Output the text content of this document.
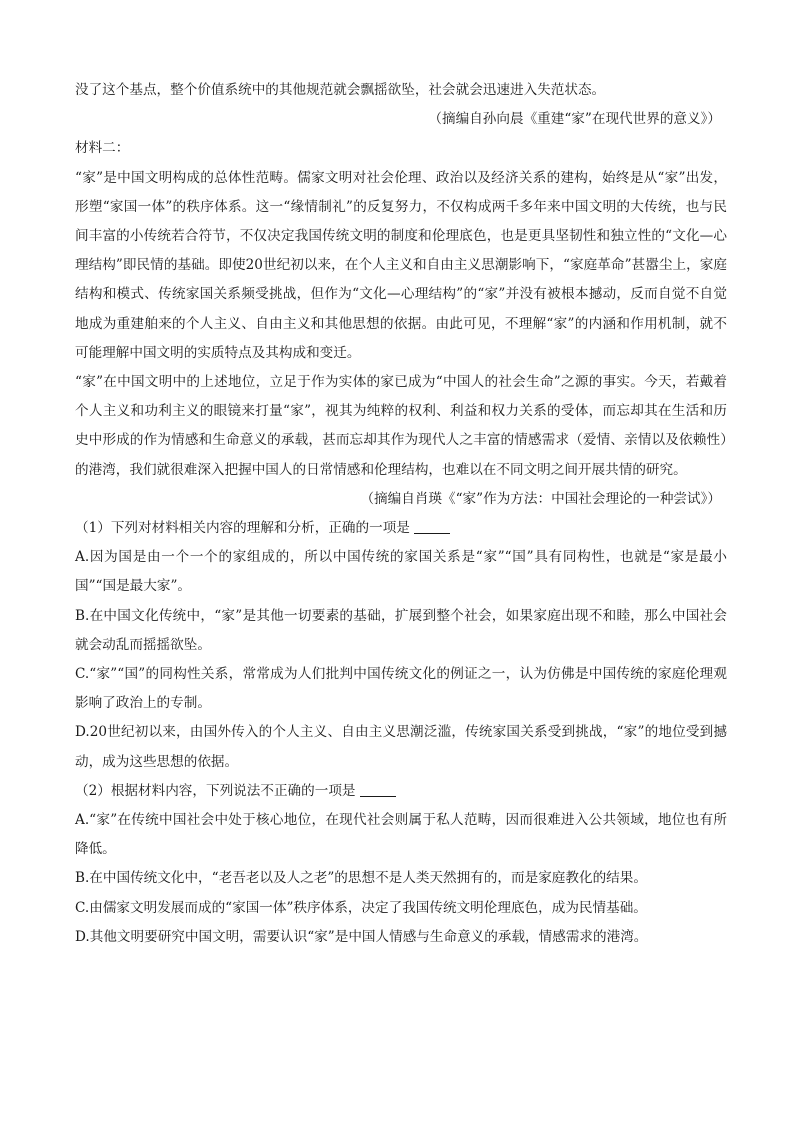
没了这个基点，整个价值系统中的其他规范就会飘摇欲坠，社会就会迅速进入失范状态。

（摘编自孙向晨《重建“家”在现代世界的意义》）

材料二：

“家”是中国文明构成的总体性范畴。儒家文明对社会伦理、政治以及经济关系的建构，始终是从“家”出发，形塑“家国一体”的秩序体系。这一“缘情制礼”的反复努力，不仅构成两千多年来中国文明的大传统，也与民间丰富的小传统若合符节，不仅决定我国传统文明的制度和伦理底色，也是更具坚韧性和独立性的“文化—心理结构”即民情的基础。即使20世纪初以来，在个人主义和自由主义思潮影响下，“家庭革命”甚嚣尘上，家庭结构和模式、传统家国关系频受挑战，但作为“文化—心理结构”的“家”并没有被根本撼动，反而自觉不自觉地成为重建舶来的个人主义、自由主义和其他思想的依据。由此可见，不理解“家”的内涵和作用机制，就不可能理解中国文明的实质特点及其构成和变迁。

“家”在中国文明中的上述地位，立足于作为实体的家已成为“中国人的社会生命”之源的事实。今天，若戴着个人主义和功利主义的眼镜来打量“家”，视其为纯粹的权利、利益和权力关系的受体，而忘却其在生活和历史中形成的作为情感和生命意义的承载，甚而忘却其作为现代人之丰富的情感需求（爱情、亲情以及依赖性）的港湾，我们就很难深入把握中国人的日常情感和伦理结构，也难以在不同文明之间开展共情的研究。

（摘编自肖瑛《“家”作为方法：中国社会理论的一种尝试》）

（1）下列对材料相关内容的理解和分析，正确的一项是

A.因为国是由一个一个的家组成的，所以中国传统的家国关系是“家”“国”具有同构性，也就是“家是最小国”“国是最大家”。

B.在中国文化传统中，“家”是其他一切要素的基础，扩展到整个社会，如果家庭出现不和睦，那么中国社会就会动乱而摇摇欲坠。

C.“家”“国”的同构性关系，常常成为人们批判中国传统文化的例证之一，认为仿佛是中国传统的家庭伦理观影响了政治上的专制。

D.20世纪初以来，由国外传入的个人主义、自由主义思潮泛滥，传统家国关系受到挑战，“家”的地位受到撼动，成为这些思想的依据。

（2）根据材料内容，下列说法不正确的一项是

A.“家”在传统中国社会中处于核心地位，在现代社会则属于私人范畴，因而很难进入公共领域，地位也有所降低。

B.在中国传统文化中，“老吾老以及人之老”的思想不是人类天然拥有的，而是家庭教化的结果。

C.由儒家文明发展而成的“家国一体”秩序体系，决定了我国传统文明伦理底色，成为民情基础。

D.其他文明要研究中国文明，需要认识“家”是中国人情感与生命意义的承载，情感需求的港湾。
